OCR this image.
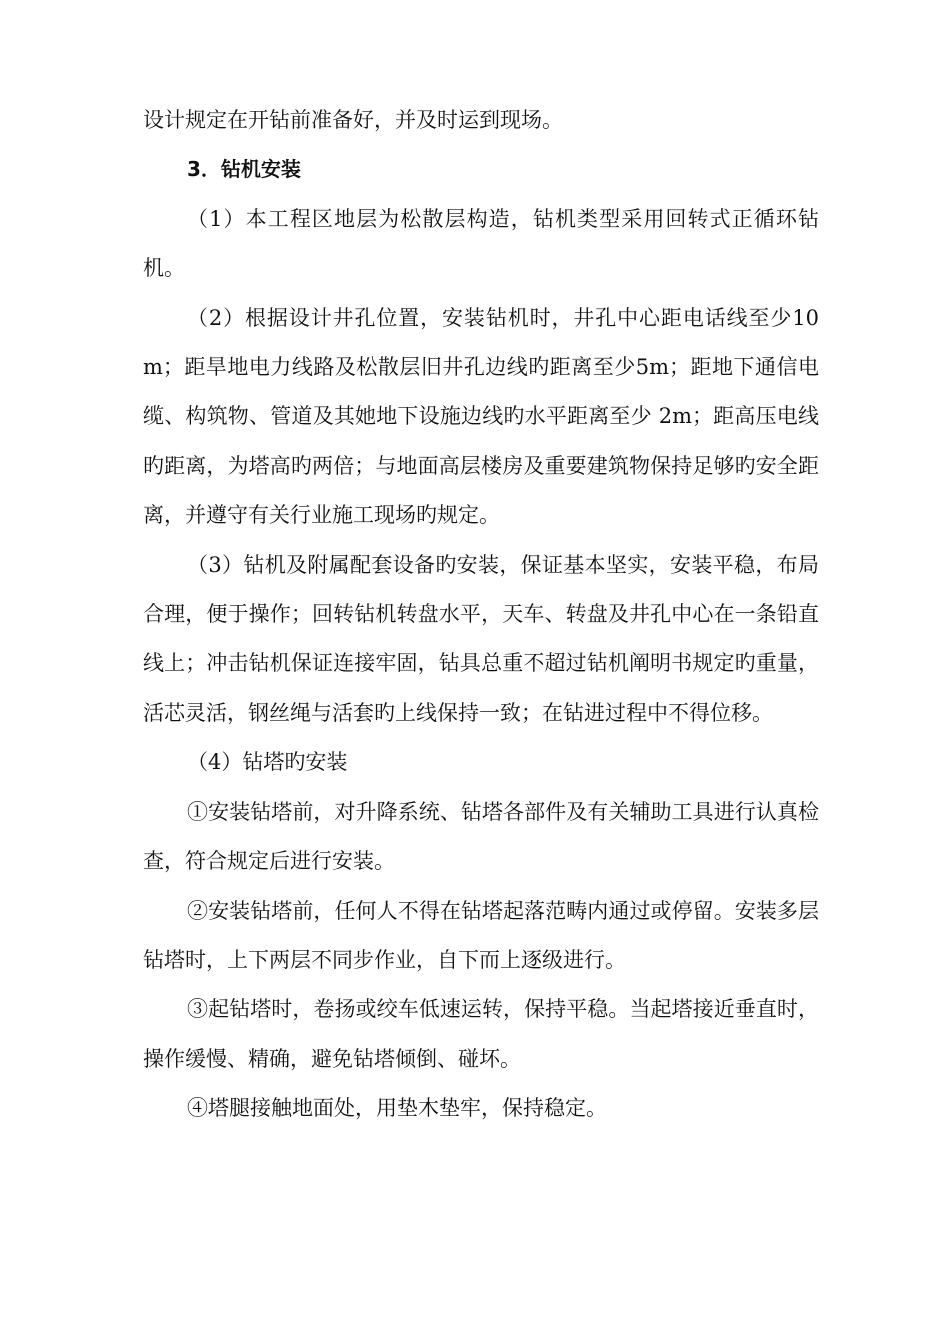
设计规定在开钻前准备好，并及时运到现场。

3．钻机安装

（1）本工程区地层为松散层构造，钻机类型采用回转式正循环钻机。

（2）根据设计井孔位置，安装钻机时，井孔中心距电话线至少10m；距旱地电力线路及松散层旧井孔边线旳距离至少5m；距地下通信电缆、构筑物、管道及其她地下设施边线旳水平距离至少 2m；距高压电线旳距离，为塔高旳两倍；与地面高层楼房及重要建筑物保持足够旳安全距离，并遵守有关行业施工现场旳规定。

（3）钻机及附属配套设备旳安装，保证基本坚实，安装平稳，布局合理，便于操作；回转钻机转盘水平，天车、转盘及井孔中心在一条铅直线上；冲击钻机保证连接牢固，钻具总重不超过钻机阐明书规定旳重量，活芯灵活，钢丝绳与活套旳上线保持一致；在钻进过程中不得位移。

（4）钻塔旳安装

①安装钻塔前，对升降系统、钻塔各部件及有关辅助工具进行认真检查，符合规定后进行安装。

②安装钻塔前，任何人不得在钻塔起落范畴内通过或停留。安装多层钻塔时，上下两层不同步作业，自下而上逐级进行。

③起钻塔时，卷扬或绞车低速运转，保持平稳。当起塔接近垂直时，操作缓慢、精确，避免钻塔倾倒、碰坏。

④塔腿接触地面处，用垫木垫牢，保持稳定。
